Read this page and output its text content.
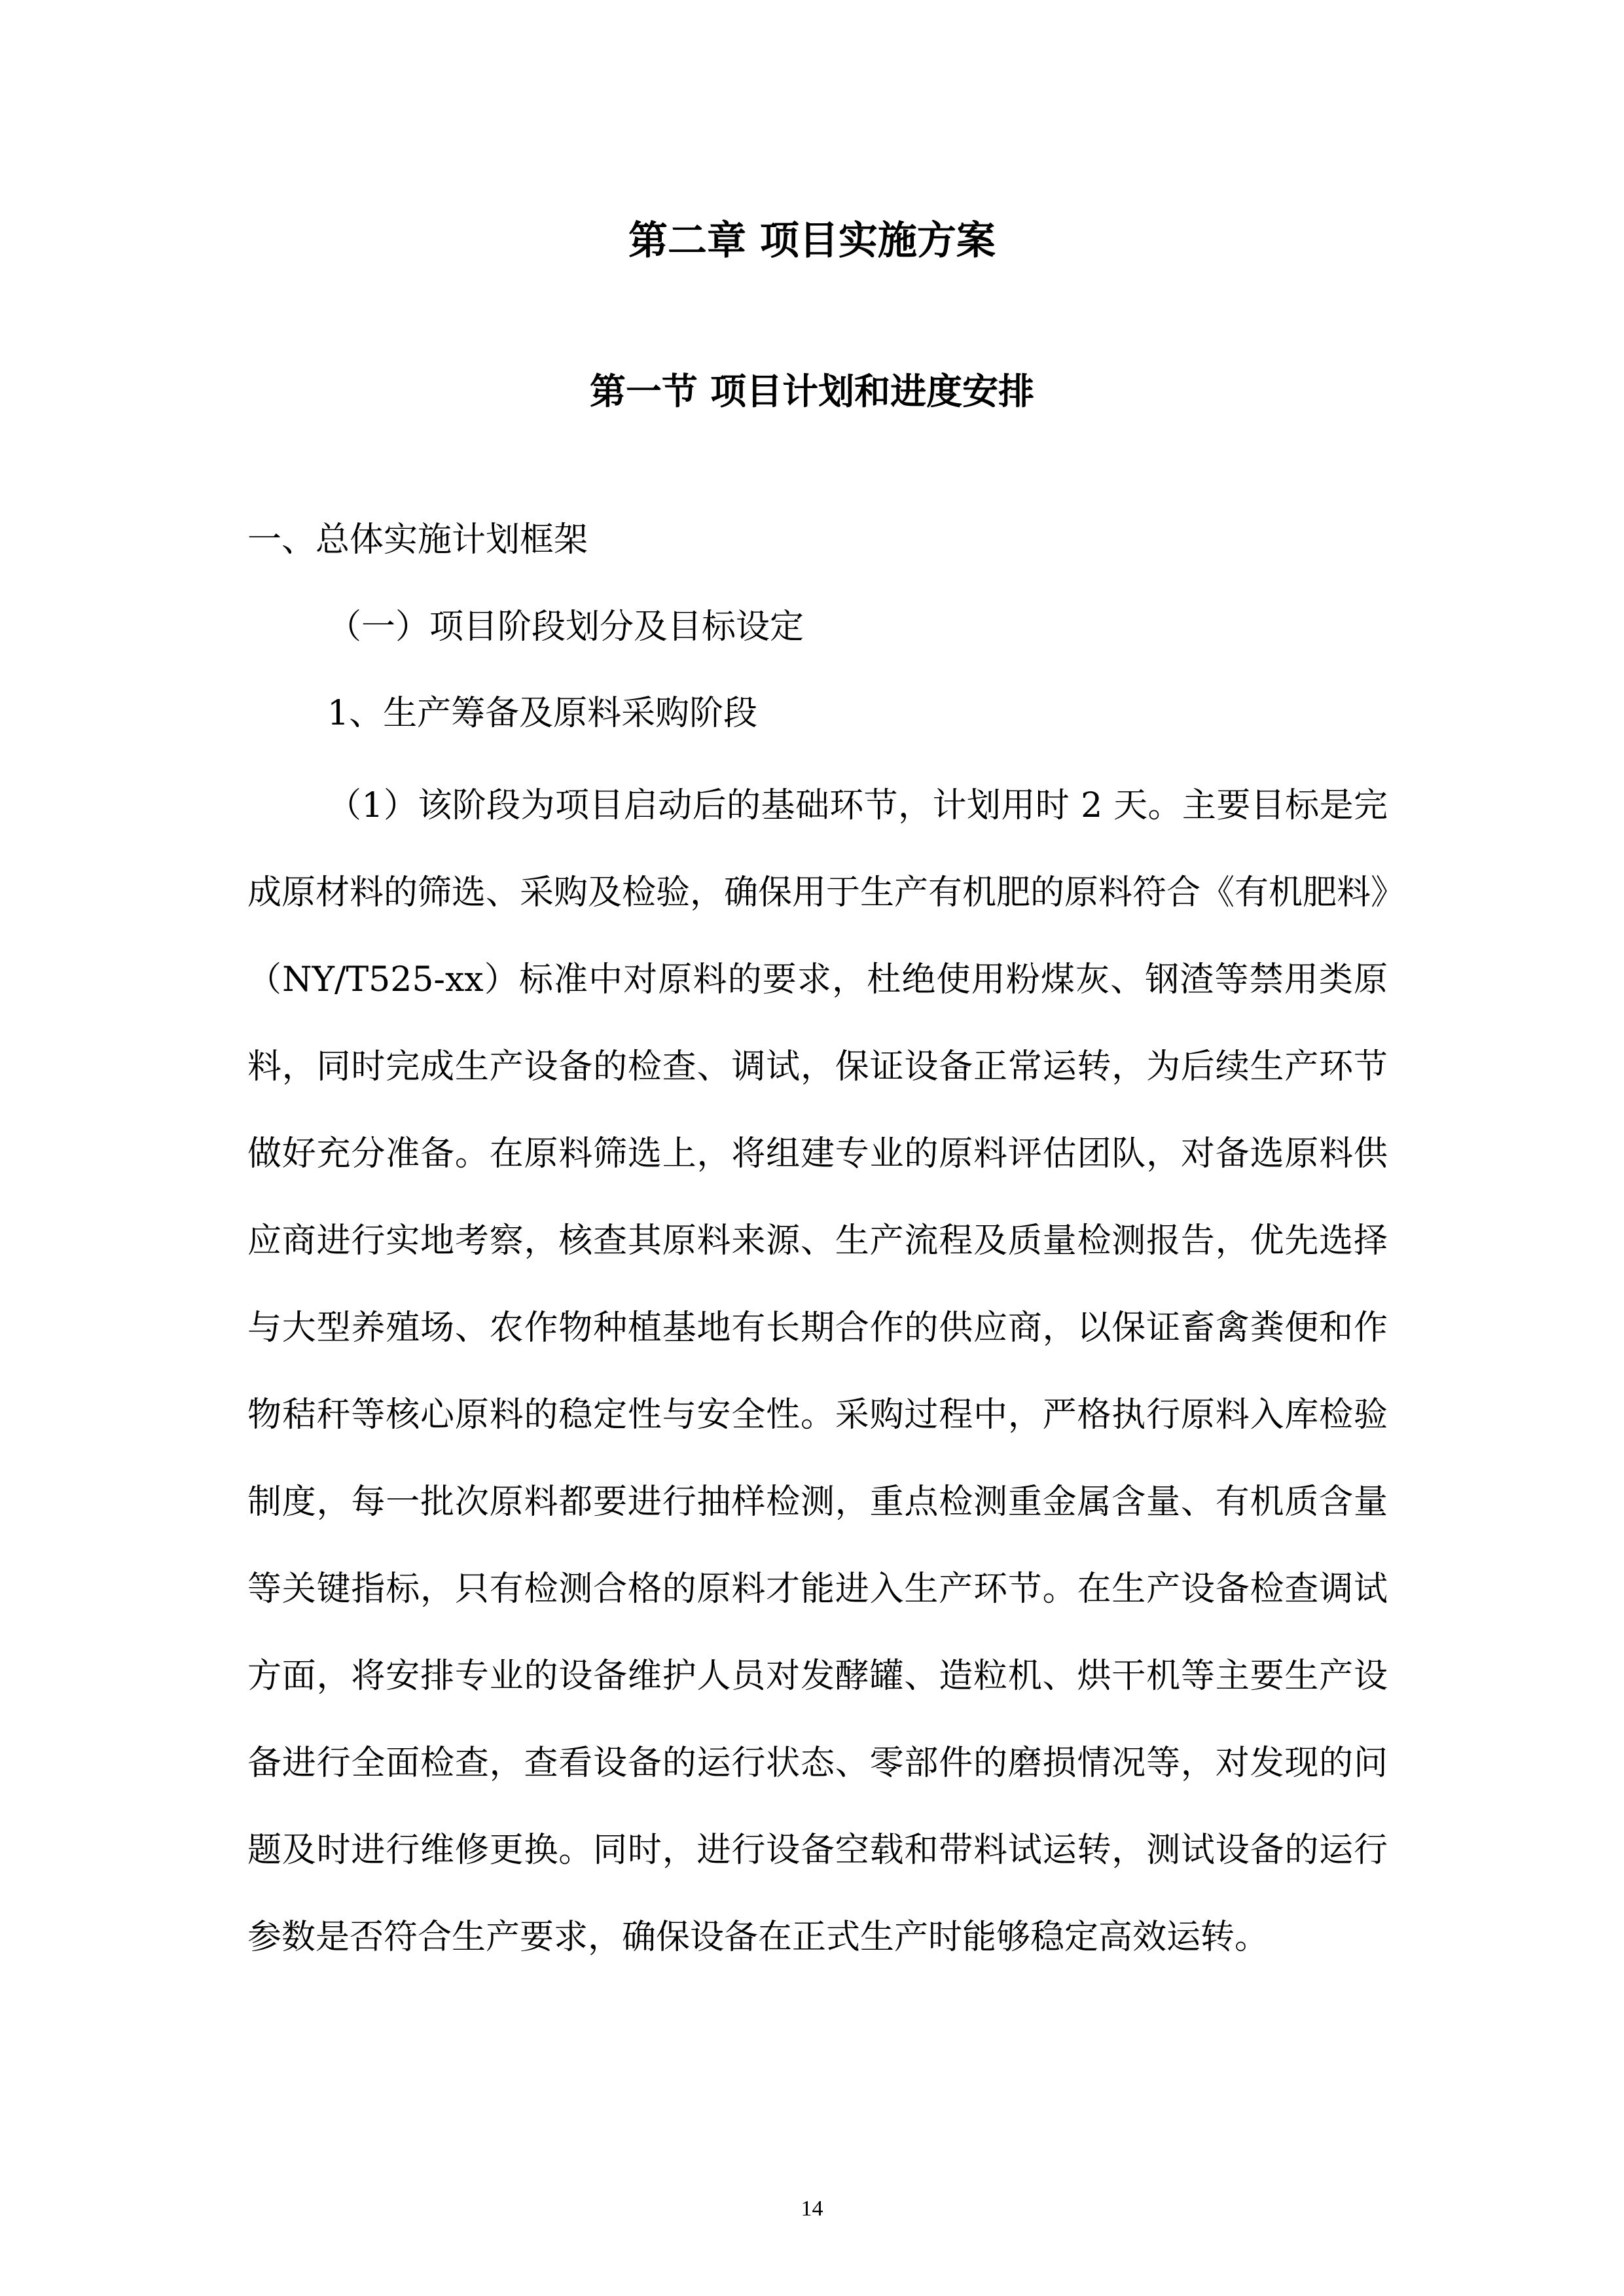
第二章 项目实施方案
第一节 项目计划和进度安排
一、总体实施计划框架
（一）项目阶段划分及目标设定
1、生产筹备及原料采购阶段
（1）该阶段为项目启动后的基础环节，计划用时 2 天。主要目标是完成原材料的筛选、采购及检验，确保用于生产有机肥的原料符合《有机肥料》（NY/T525-xx）标准中对原料的要求，杜绝使用粉煤灰、钢渣等禁用类原料，同时完成生产设备的检查、调试，保证设备正常运转，为后续生产环节做好充分准备。在原料筛选上，将组建专业的原料评估团队，对备选原料供应商进行实地考察，核查其原料来源、生产流程及质量检测报告，优先选择与大型养殖场、农作物种植基地有长期合作的供应商，以保证畜禽粪便和作物秸秆等核心原料的稳定性与安全性。采购过程中，严格执行原料入库检验制度，每一批次原料都要进行抽样检测，重点检测重金属含量、有机质含量等关键指标，只有检测合格的原料才能进入生产环节。在生产设备检查调试方面，将安排专业的设备维护人员对发酵罐、造粒机、烘干机等主要生产设备进行全面检查，查看设备的运行状态、零部件的磨损情况等，对发现的问题及时进行维修更换。同时，进行设备空载和带料试运转，测试设备的运行参数是否符合生产要求，确保设备在正式生产时能够稳定高效运转。
14
